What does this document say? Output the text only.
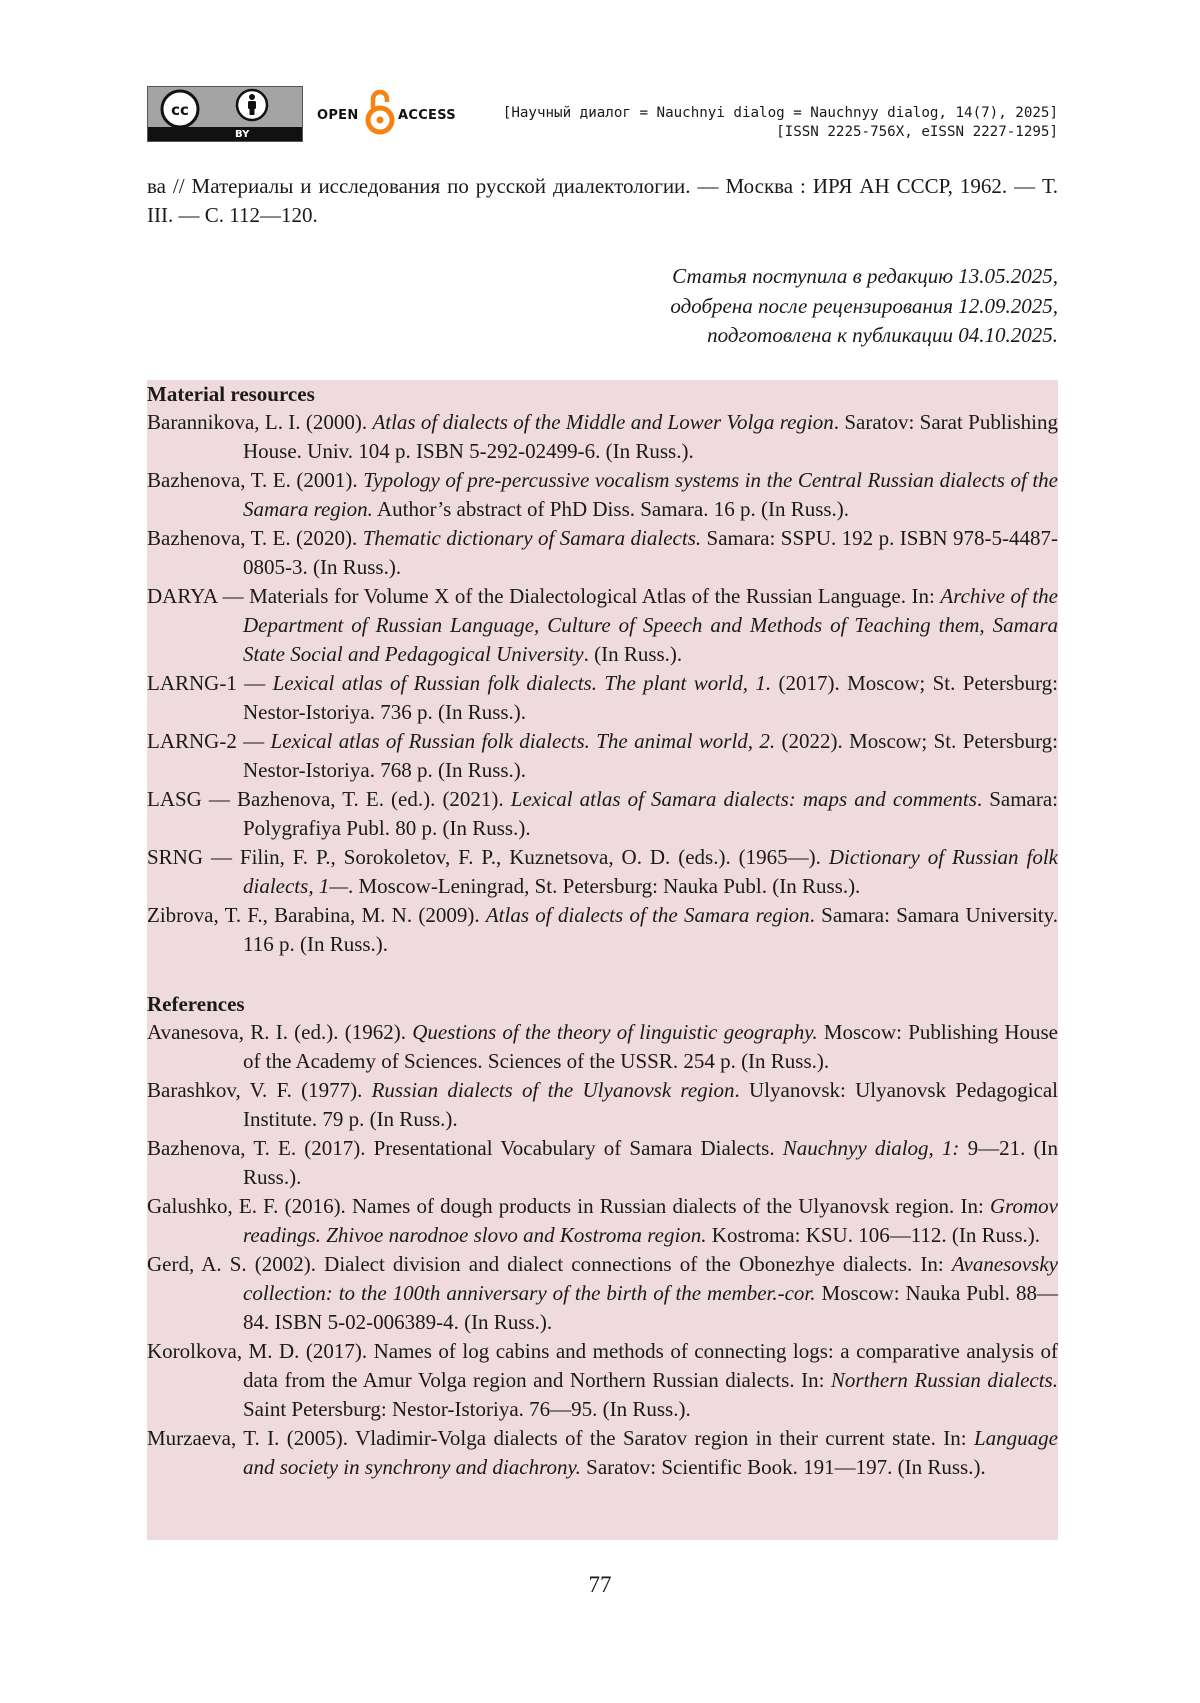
cc
BY
OPEN	ACCESS	[Научный диалог = Nauchnyi dialog = Nauchnyy dialog, 14(7), 2025]
[ISSN 2225-756X, eISSN 2227-1295]
ва // Материалы и исследования по русской диалектологии. — Москва : ИРЯ АН СССР, 1962. — Т. III. — С. 112—120.
Статья поступила в редакцию 13.05.2025,
одобрена после рецензирования 12.09.2025,
подготовлена к публикации 04.10.2025.
Material resources
Barannikova, L. I. (2000). Atlas of dialects of the Middle and Lower Volga region. Saratov: Sarat Publishing House. Univ. 104 p. ISBN 5-292-02499-6. (In Russ.).
Bazhenova, T. E. (2001). Typology of pre-percussive vocalism systems in the Central Russian dialects of the Samara region. Author’s abstract of PhD Diss. Samara. 16 p. (In Russ.).
Bazhenova, T. E. (2020). Thematic dictionary of Samara dialects. Samara: SSPU. 192 p. ISBN 978-5-4487-0805-3. (In Russ.).
DARYA — Materials for Volume X of the Dialectological Atlas of the Russian Language. In: Archive of the Department of Russian Language, Culture of Speech and Methods of Teaching them, Samara State Social and Pedagogical University. (In Russ.).
LARNG-1 — Lexical atlas of Russian folk dialects. The plant world, 1. (2017). Moscow; St. Petersburg: Nestor-Istoriya. 736 p. (In Russ.).
LARNG-2 — Lexical atlas of Russian folk dialects. The animal world, 2. (2022). Moscow; St. Petersburg: Nestor-Istoriya. 768 p. (In Russ.).
LASG — Bazhenova, T. E. (ed.). (2021). Lexical atlas of Samara dialects: maps and comments. Samara: Polygrafiya Publ. 80 p. (In Russ.).
SRNG — Filin, F. P., Sorokoletov, F. P., Kuznetsova, O. D. (eds.). (1965—). Dictionary of Russian folk dialects, 1—. Moscow-Leningrad, St. Petersburg: Nauka Publ. (In Russ.).
Zibrova, T. F., Barabina, M. N. (2009). Atlas of dialects of the Samara region. Samara: Samara University. 116 p. (In Russ.).
References
Avanesova, R. I. (ed.). (1962). Questions of the theory of linguistic geography. Moscow: Publishing House of the Academy of Sciences. Sciences of the USSR. 254 p. (In Russ.).
Barashkov, V. F. (1977). Russian dialects of the Ulyanovsk region. Ulyanovsk: Ulyanovsk Pedagogical Institute. 79 p. (In Russ.).
Bazhenova, T. E. (2017). Presentational Vocabulary of Samara Dialects. Nauchnyy dialog, 1: 9—21. (In Russ.).
Galushko, E. F. (2016). Names of dough products in Russian dialects of the Ulyanovsk region. In: Gromov readings. Zhivoe narodnoe slovo and Kostroma region. Kostroma: KSU. 106—112. (In Russ.).
Gerd, A. S. (2002). Dialect division and dialect connections of the Obonezhye dialects. In: Avanesovsky collection: to the 100th anniversary of the birth of the member.-cor. Moscow: Nauka Publ. 88—84. ISBN 5-02-006389-4. (In Russ.).
Korolkova, M. D. (2017). Names of log cabins and methods of connecting logs: a comparative analysis of data from the Amur Volga region and Northern Russian dialects. In: Northern Russian dialects. Saint Petersburg: Nestor-Istoriya. 76—95. (In Russ.).
Murzaeva, T. I. (2005). Vladimir-Volga dialects of the Saratov region in their current state. In: Language and society in synchrony and diachrony. Saratov: Scientific Book. 191—197. (In Russ.).
77
